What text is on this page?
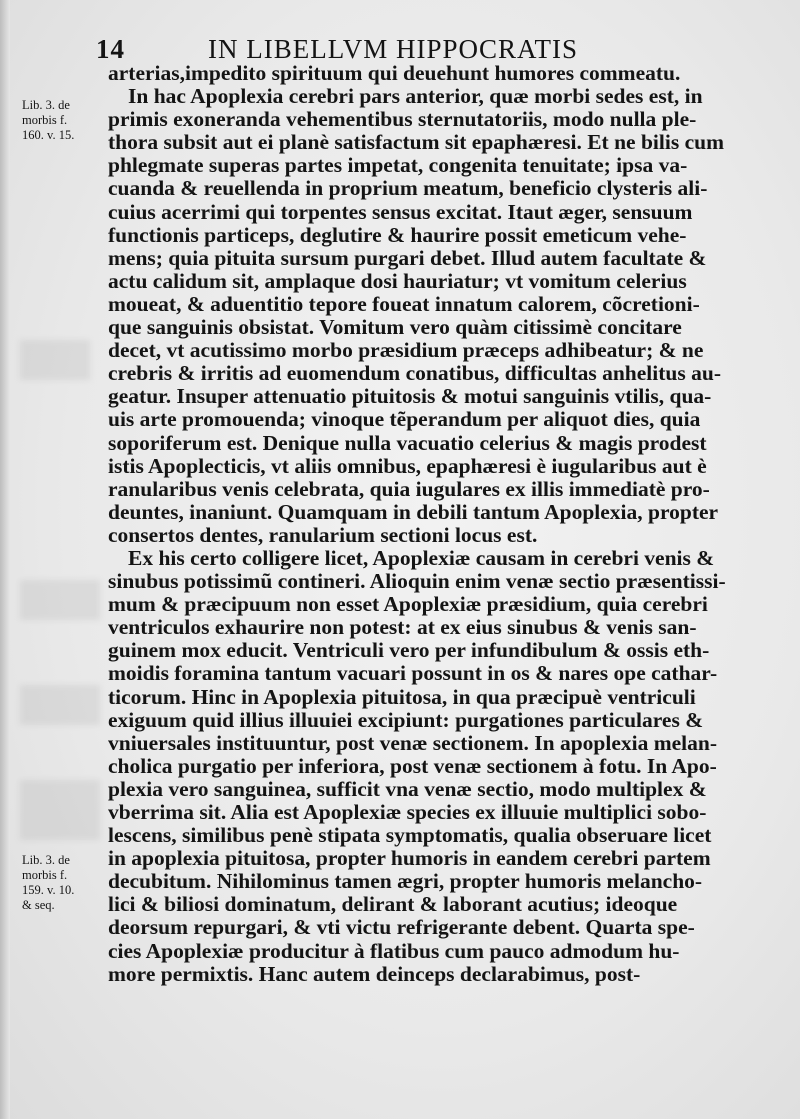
14	IN LIBELLVM HIPPOCRATIS
Lib. 3. de
morbis f.
160. v. 15.
Lib. 3. de
morbis f.
159. v. 10.
& seq.
arterias,impedito spirituum qui deuehunt humores commeatu.
In hac Apoplexia cerebri pars anterior, quæ morbi sedes est, in
primis exoneranda vehementibus sternutatoriis, modo nulla ple-
thora subsit aut ei planè satisfactum sit epaphæresi. Et ne bilis cum
phlegmate superas partes impetat, congenita tenuitate; ipsa va-
cuanda & reuellenda in proprium meatum, beneficio clysteris ali-
cuius acerrimi qui torpentes sensus excitat. Itaut æger, sensuum
functionis particeps, deglutire & haurire possit emeticum vehe-
mens; quia pituita sursum purgari debet. Illud autem facultate &
actu calidum sit, amplaque dosi hauriatur; vt vomitum celerius
moueat, & aduentitio tepore foueat innatum calorem, cõcretioni-
que sanguinis obsistat. Vomitum vero quàm citissimè concitare
decet, vt acutissimo morbo præsidium præceps adhibeatur; & ne
crebris & irritis ad euomendum conatibus, difficultas anhelitus au-
geatur. Insuper attenuatio pituitosis & motui sanguinis vtilis, qua-
uis arte promouenda; vinoque tẽperandum per aliquot dies, quia
soporiferum est. Denique nulla vacuatio celerius & magis prodest
istis Apoplecticis, vt aliis omnibus, epaphæresi è iugularibus aut è
ranularibus venis celebrata, quia iugulares ex illis immediatè pro-
deuntes, inaniunt. Quamquam in debili tantum Apoplexia, propter
consertos dentes, ranularium sectioni locus est.
Ex his certo colligere licet, Apoplexiæ causam in cerebri venis &
sinubus potissimũ contineri. Alioquin enim venæ sectio præsentissi-
mum & præcipuum non esset Apoplexiæ præsidium, quia cerebri
ventriculos exhaurire non potest: at ex eius sinubus & venis san-
guinem mox educit. Ventriculi vero per infundibulum & ossis eth-
moidis foramina tantum vacuari possunt in os & nares ope cathar-
ticorum. Hinc in Apoplexia pituitosa, in qua præcipuè ventriculi
exiguum quid illius illuuiei excipiunt: purgationes particulares &
vniuersales instituuntur, post venæ sectionem. In apoplexia melan-
cholica purgatio per inferiora, post venæ sectionem à fotu. In Apo-
plexia vero sanguinea, sufficit vna venæ sectio, modo multiplex &
vberrima sit. Alia est Apoplexiæ species ex illuuie multiplici sobo-
lescens, similibus penè stipata symptomatis, qualia obseruare licet
in apoplexia pituitosa, propter humoris in eandem cerebri partem
decubitum. Nihilominus tamen ægri, propter humoris melancho-
lici & biliosi dominatum, delirant & laborant acutius; ideoque
deorsum repurgari, & vti victu refrigerante debent. Quarta spe-
cies Apoplexiæ producitur à flatibus cum pauco admodum hu-
more permixtis. Hanc autem deinceps declarabimus, post-
